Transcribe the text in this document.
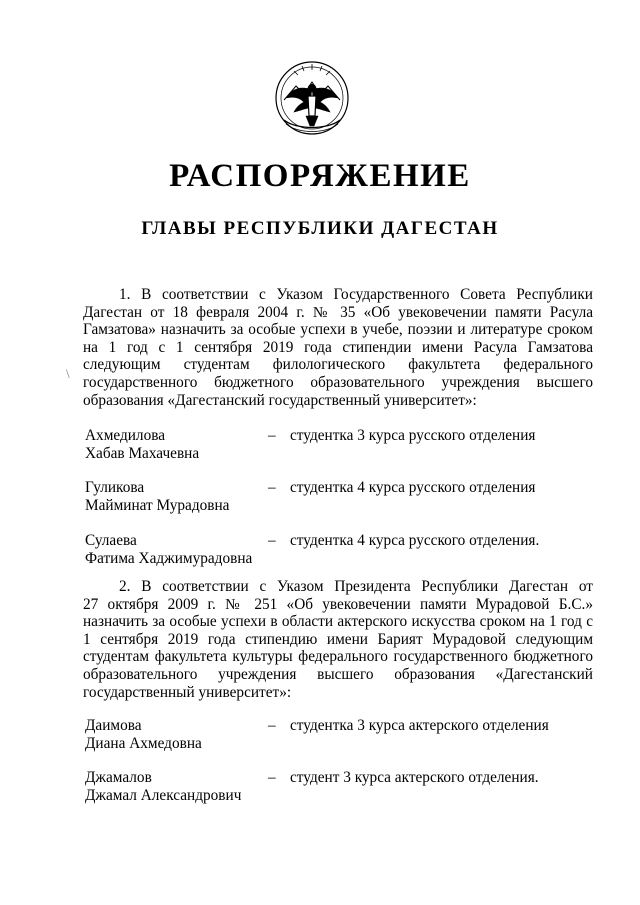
РАСПОРЯЖЕНИЕ
ГЛАВЫ РЕСПУБЛИКИ ДАГЕСТАН
\
1. В соответствии с Указом Государственного Совета Республики
Дагестан от 18 февраля 2004 г. № 35 «Об увековечении памяти Расула
Гамзатова» назначить за особые успехи в учебе, поэзии и литературе сроком
на 1 год с 1 сентября 2019 года стипендии имени Расула Гамзатова
следующим студентам филологического факультета федерального
государственного бюджетного образовательного учреждения высшего
образования «Дагестанский государственный университет»:
Ахмедилова
Хабав Махачевна
– студентка 3 курса русского отделения
Гуликова
Майминат Мурадовна
– студентка 4 курса русского отделения
Сулаева
Фатима Хаджимурадовна
– студентка 4 курса русского отделения.
2. В соответствии с Указом Президента Республики Дагестан от
27 октября 2009 г. № 251 «Об увековечении памяти Мурадовой Б.С.»
назначить за особые успехи в области актерского искусства сроком на 1 год с
1 сентября 2019 года стипендию имени Барият Мурадовой следующим
студентам факультета культуры федерального государственного бюджетного
образовательного учреждения высшего образования «Дагестанский
государственный университет»:
Даимова
Диана Ахмедовна
– студентка 3 курса актерского отделения
Джамалов
Джамал Александрович
– студент 3 курса актерского отделения.
